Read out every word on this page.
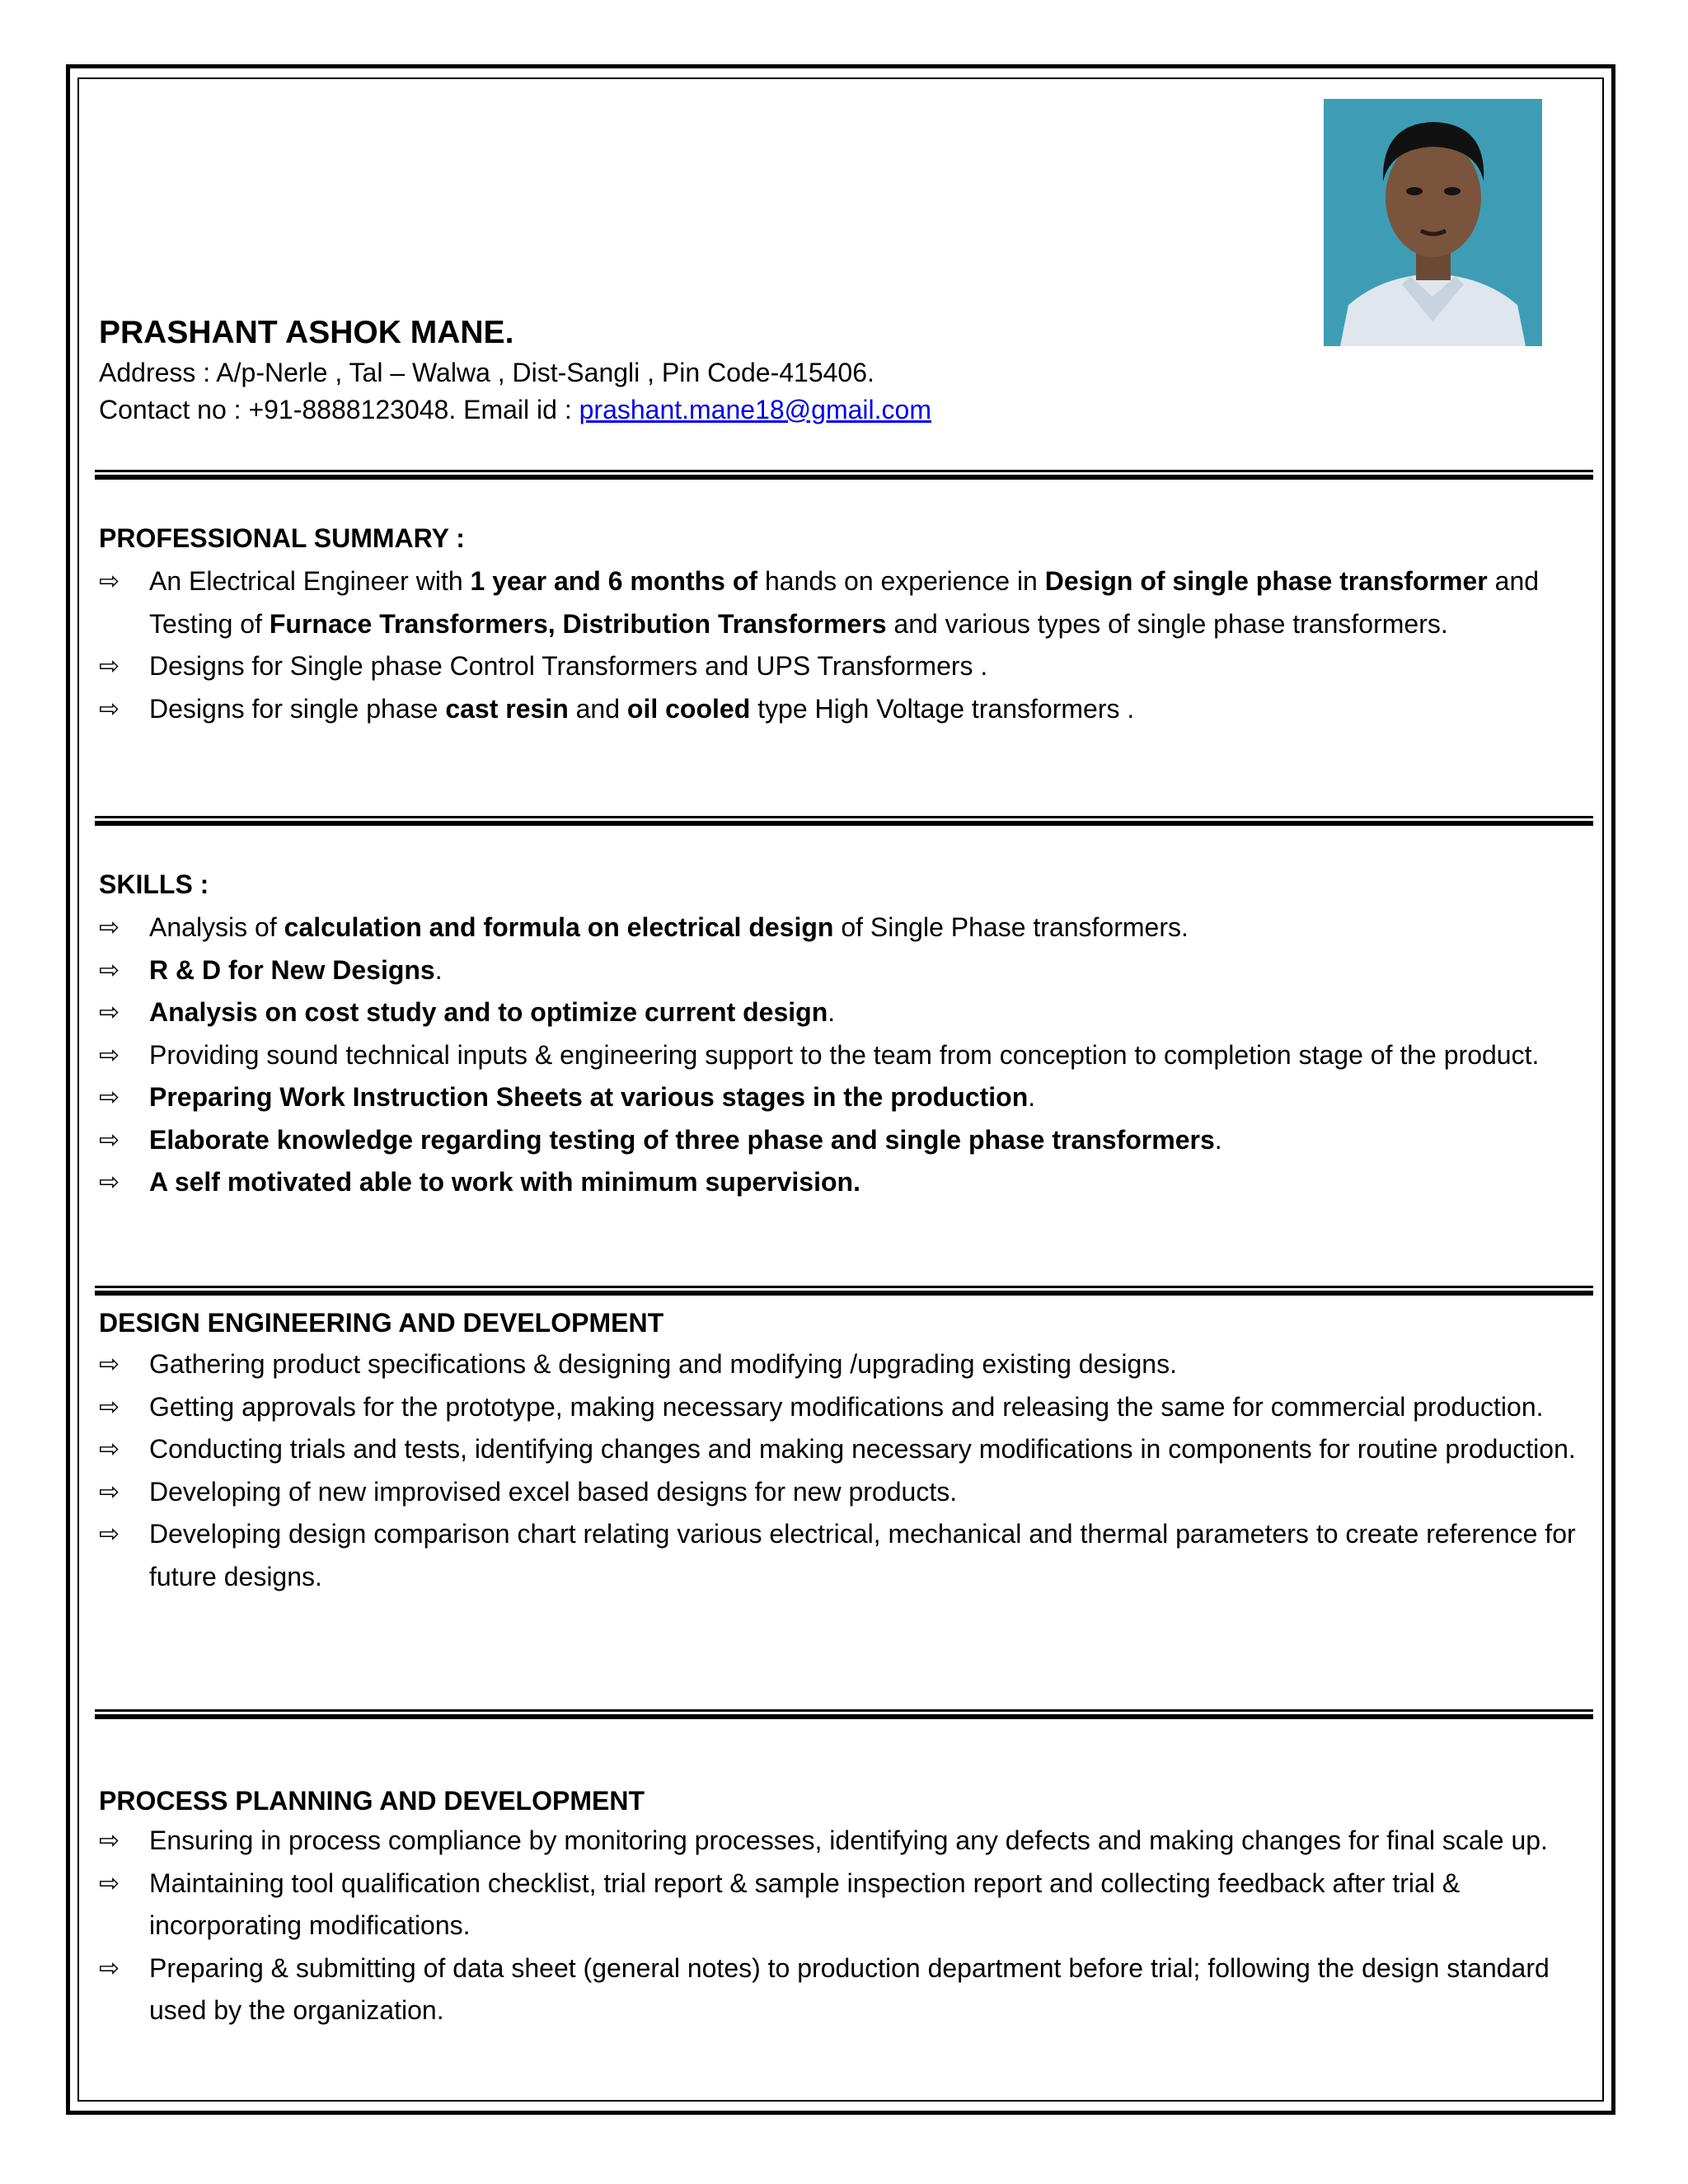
PRASHANT ASHOK MANE.
Address : A/p-Nerle , Tal – Walwa , Dist-Sangli , Pin Code-415406.
Contact no : +91-8888123048. Email id : prashant.mane18@gmail.com
PROFESSIONAL SUMMARY :
⇨	An Electrical Engineer with 1 year and 6 months of hands on experience in Design of single phase transformer and Testing of Furnace Transformers, Distribution Transformers and various types of single phase transformers.
⇨	Designs for Single phase Control Transformers and UPS Transformers .
⇨	Designs for single phase cast resin and oil cooled type High Voltage transformers .
SKILLS :
⇨	Analysis of calculation and formula on electrical design of Single Phase transformers.
⇨	R & D for New Designs.
⇨	Analysis on cost study and to optimize current design.
⇨	Providing sound technical inputs & engineering support to the team from conception to completion stage of the product.
⇨	Preparing Work Instruction Sheets at various stages in the production.
⇨	Elaborate knowledge regarding testing of three phase and single phase transformers.
⇨	A self motivated able to work with minimum supervision.
DESIGN ENGINEERING AND DEVELOPMENT
⇨	Gathering product specifications & designing and modifying /upgrading existing designs.
⇨	Getting approvals for the prototype, making necessary modifications and releasing the same for commercial production.
⇨	Conducting trials and tests, identifying changes and making necessary modifications in components for routine production.
⇨	Developing of new improvised excel based designs for new products.
⇨	Developing design comparison chart relating various electrical, mechanical and thermal parameters to create reference for future designs.
PROCESS PLANNING AND DEVELOPMENT
⇨	Ensuring in process compliance by monitoring processes, identifying any defects and making changes for final scale up.
⇨	Maintaining tool qualification checklist, trial report & sample inspection report and collecting feedback after trial & incorporating modifications.
⇨	Preparing & submitting of data sheet (general notes) to production department before trial; following the design standard used by the organization.
